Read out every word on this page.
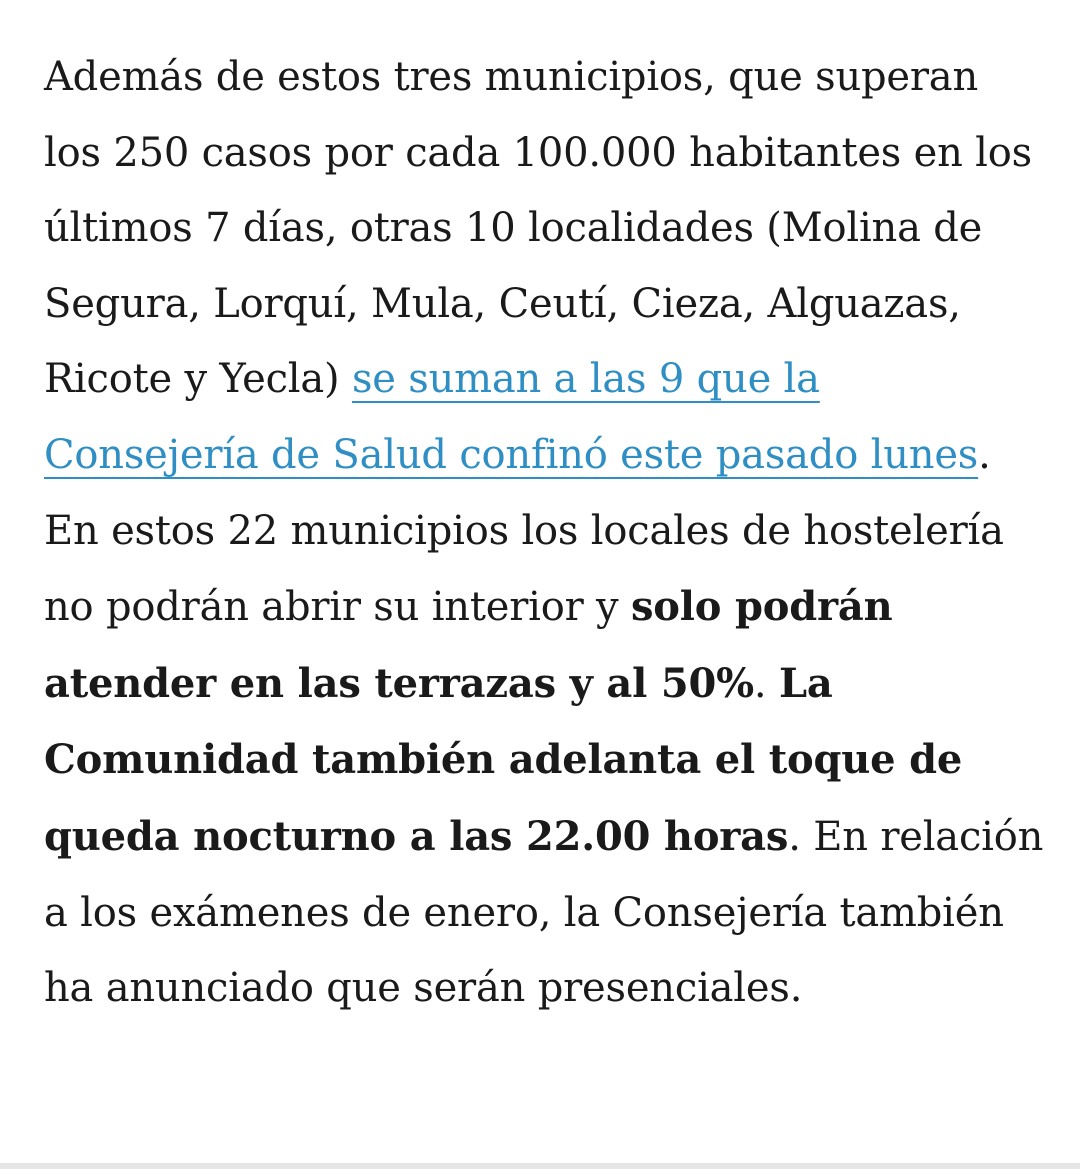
Además de estos tres municipios, que superan los 250 casos por cada 100.000 habitantes en los últimos 7 días, otras 10 localidades (Molina de Segura, Lorquí, Mula, Ceutí, Cieza, Alguazas, Ricote y Yecla) se suman a las 9 que la Consejería de Salud confinó este pasado lunes. En estos 22 municipios los locales de hostelería no podrán abrir su interior y solo podrán atender en las terrazas y al 50%. La Comunidad también adelanta el toque de queda nocturno a las 22.00 horas. En relación a los exámenes de enero, la Consejería también ha anunciado que serán presenciales.
